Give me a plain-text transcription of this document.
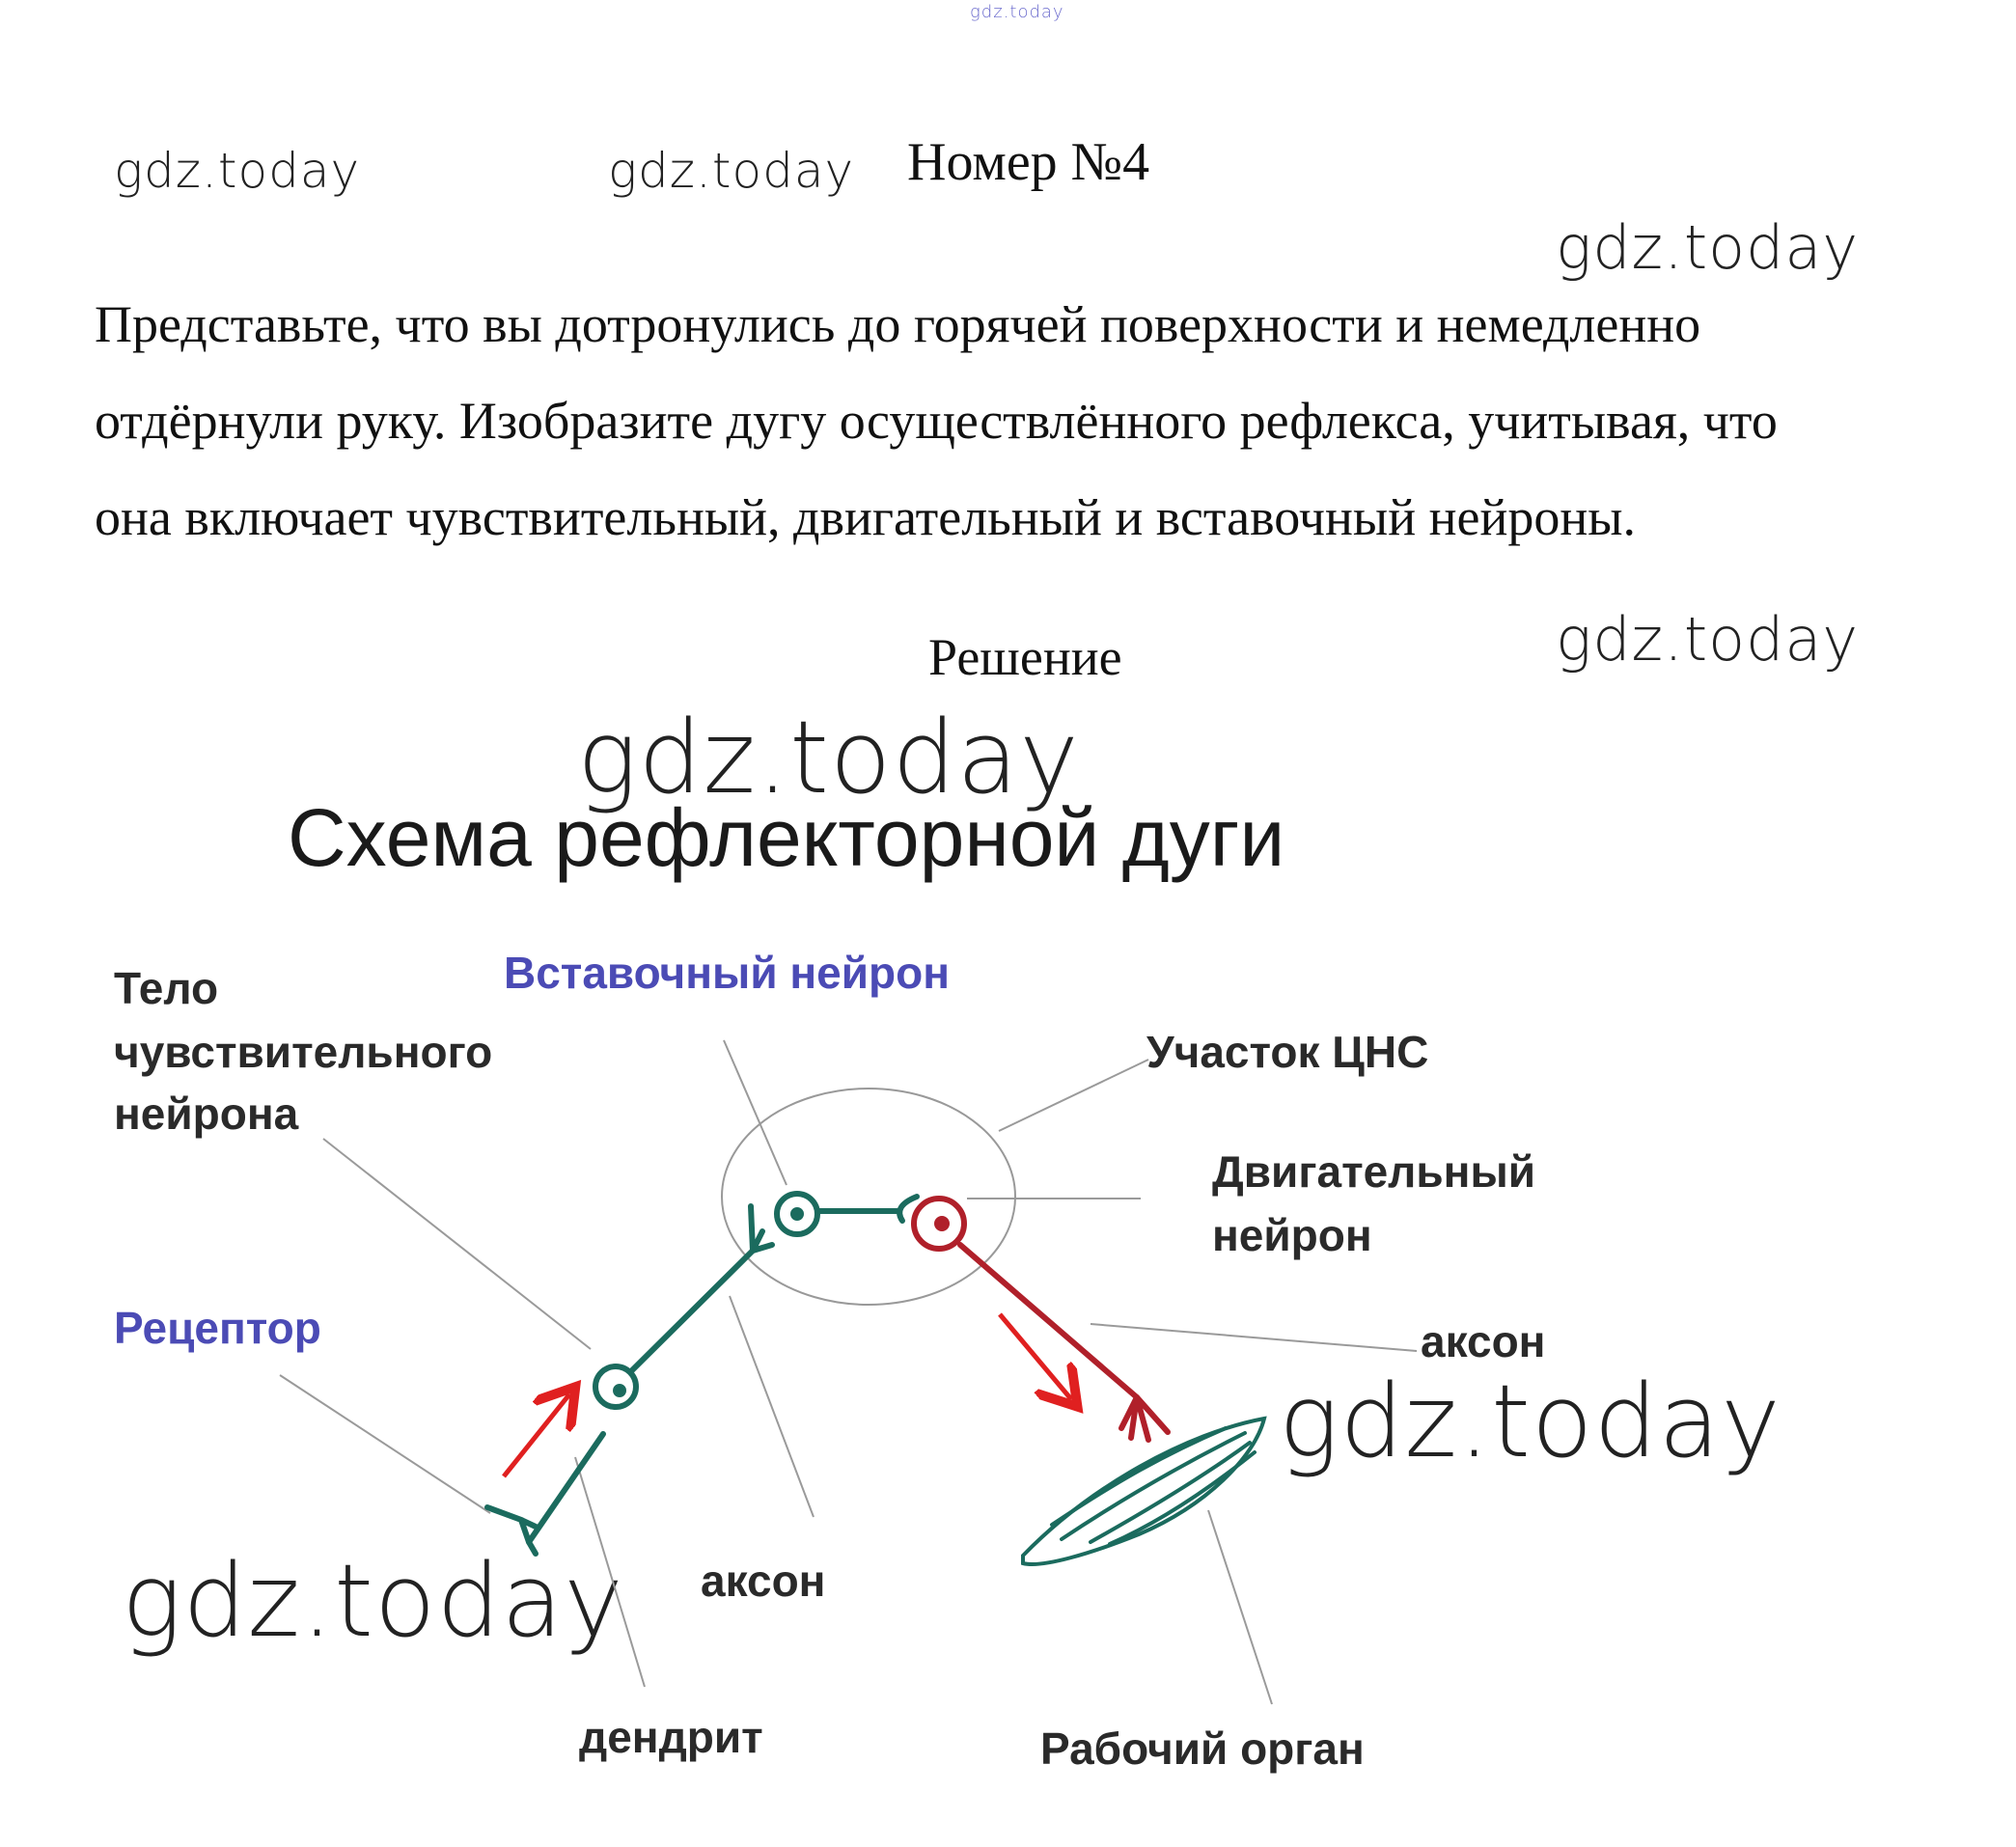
gdz.today
gdz.today	gdz.today
gdz.today
gdz.today
gdz.today
gdz.today
gdz.today
Номер №4
Представьте, что вы дотронулись до горячей поверхности и немедленно
отдёрнули руку. Изобразите дугу осуществлённого рефлекса, учитывая, что
она включает чувствительный, двигательный и вставочный нейроны.
Решение
Схема рефлекторной дуги
Тело
чувствительного
нейрона
Вставочный нейрон
Участок ЦНС
Двигательный
нейрон
Рецептор	аксон
аксон
дендрит	Рабочий орган
